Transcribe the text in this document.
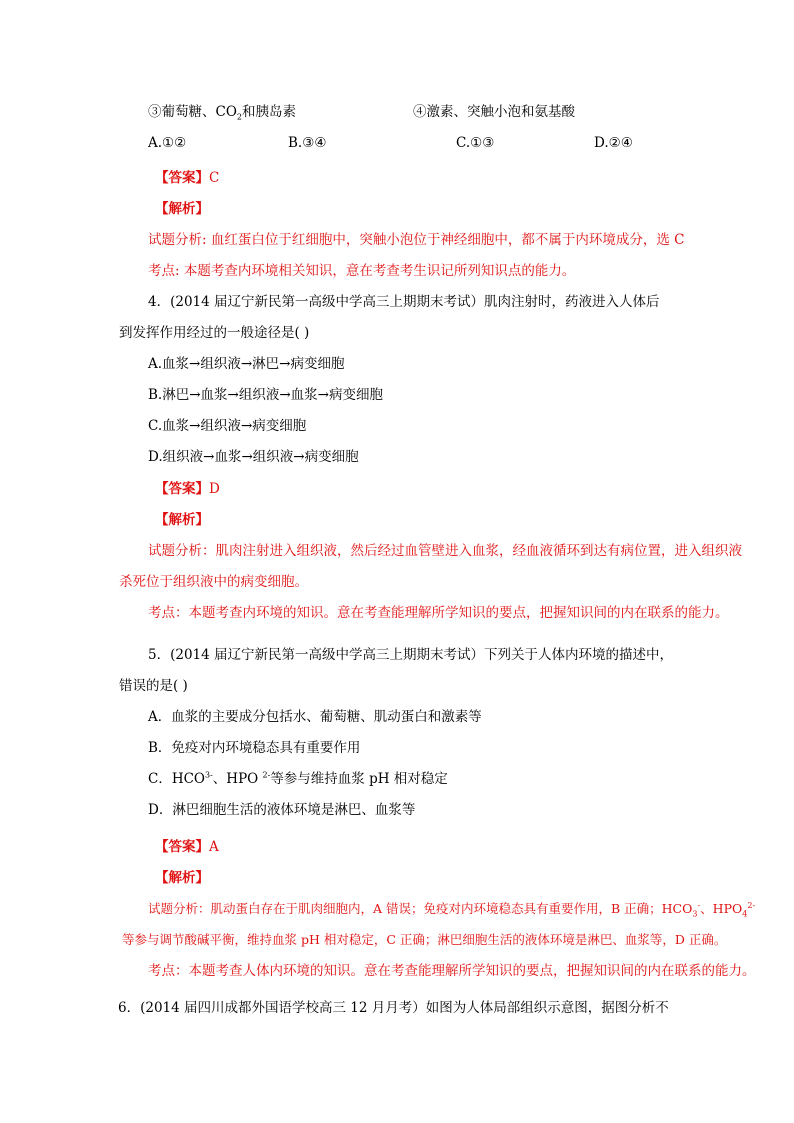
③葡萄糖、$CO_2$和胰岛素	④激素、突触小泡和氨基酸
A.①②	B.③④	C.①③	D.②④
【答案】C
【解析】
试题分析: 血红蛋白位于红细胞中，突触小泡位于神经细胞中，都不属于内环境成分，选 C
考点: 本题考查内环境相关知识，意在考查考生识记所列知识点的能力。
4．(2014 届辽宁新民第一高级中学高三上期期末考试）肌肉注射时，药液进入人体后
到发挥作用经过的一般途径是( )
A.血浆→组织液→淋巴→病变细胞
B.淋巴→血浆→组织液→血浆→病变细胞
C.血浆→组织液→病变细胞
D.组织液→血浆→组织液→病变细胞
【答案】D
【解析】
试题分析：肌肉注射进入组织液，然后经过血管壁进入血浆，经血液循环到达有病位置，进入组织液
杀死位于组织液中的病变细胞。
考点：本题考查内环境的知识。意在考查能理解所学知识的要点，把握知识间的内在联系的能力。
5．(2014 届辽宁新民第一高级中学高三上期期末考试）下列关于人体内环境的描述中，
错误的是( )
A．血浆的主要成分包括水、葡萄糖、肌动蛋白和激素等
B．免疫对内环境稳态具有重要作用
C．$HCO^{3-}$、HPO $^{2-}$等参与维持血浆 pH 相对稳定
D．淋巴细胞生活的液体环境是淋巴、血浆等
【答案】A
【解析】
试题分析：肌动蛋白存在于肌肉细胞内，A 错误；免疫对内环境稳态具有重要作用，B 正确；$HCO_3^-$、$HPO_4^{2-}$
等参与调节酸碱平衡，维持血浆 pH 相对稳定，C 正确；淋巴细胞生活的液体环境是淋巴、血浆等，D 正确。
考点：本题考查人体内环境的知识。意在考查能理解所学知识的要点，把握知识间的内在联系的能力。
6．(2014 届四川成都外国语学校高三 12 月月考）如图为人体局部组织示意图，据图分析不
